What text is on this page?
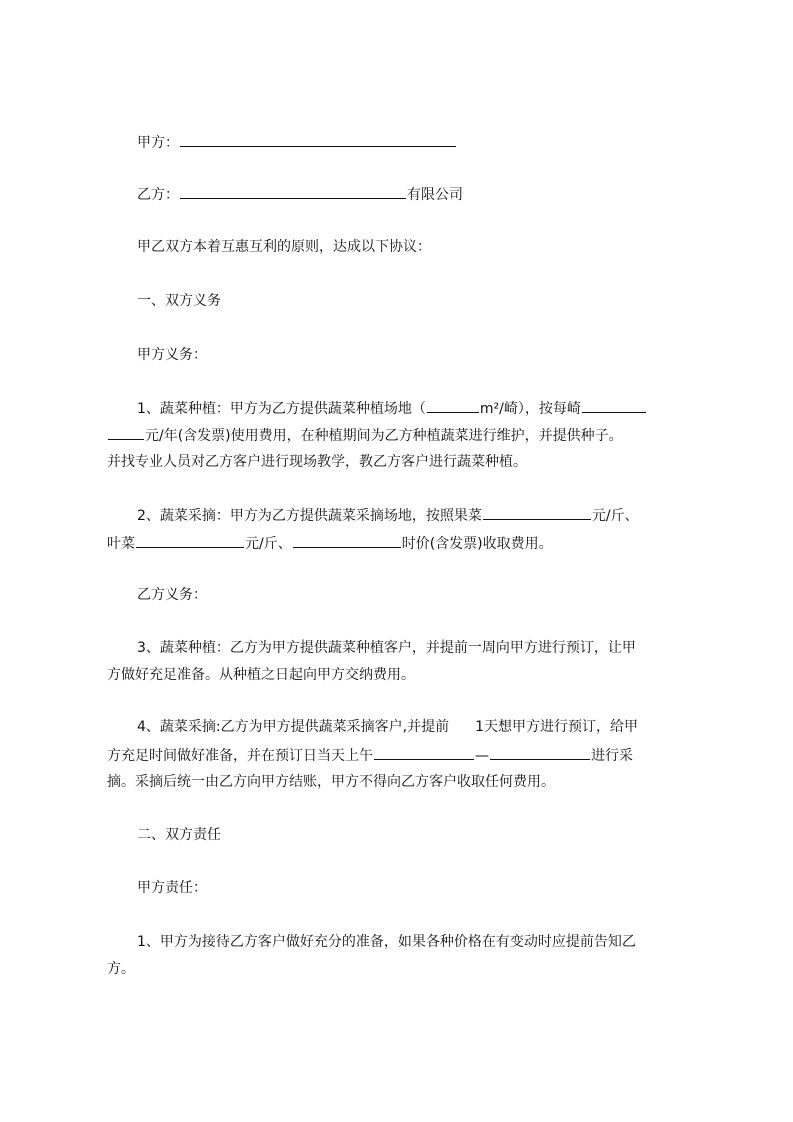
甲方：
乙方：	有限公司
甲乙双方本着互惠互利的原则，达成以下协议：
一、双方义务
甲方义务：
1、蔬菜种植：甲方为乙方提供蔬菜种植场地（	m²/崎），按每崎
元/年(含发票)使用费用，在种植期间为乙方种植蔬菜进行维护，并提供种子。
并找专业人员对乙方客户进行现场教学，教乙方客户进行蔬菜种植。
2、蔬菜采摘：甲方为乙方提供蔬菜采摘场地，按照果菜	元/斤、
叶菜	元/斤、	时价(含发票)收取费用。
乙方义务：
3、蔬菜种植：乙方为甲方提供蔬菜种植客户，并提前一周向甲方进行预订，让甲
方做好充足准备。从种植之日起向甲方交纳费用。
4、蔬菜采摘:乙方为甲方提供蔬菜采摘客户,并提前 1天想甲方进行预订，给甲
方充足时间做好准备，并在预订日当天上午	—	进行采
摘。采摘后统一由乙方向甲方结账，甲方不得向乙方客户收取任何费用。
二、双方责任
甲方责任：
1、甲方为接待乙方客户做好充分的准备，如果各种价格在有变动时应提前告知乙
方。
